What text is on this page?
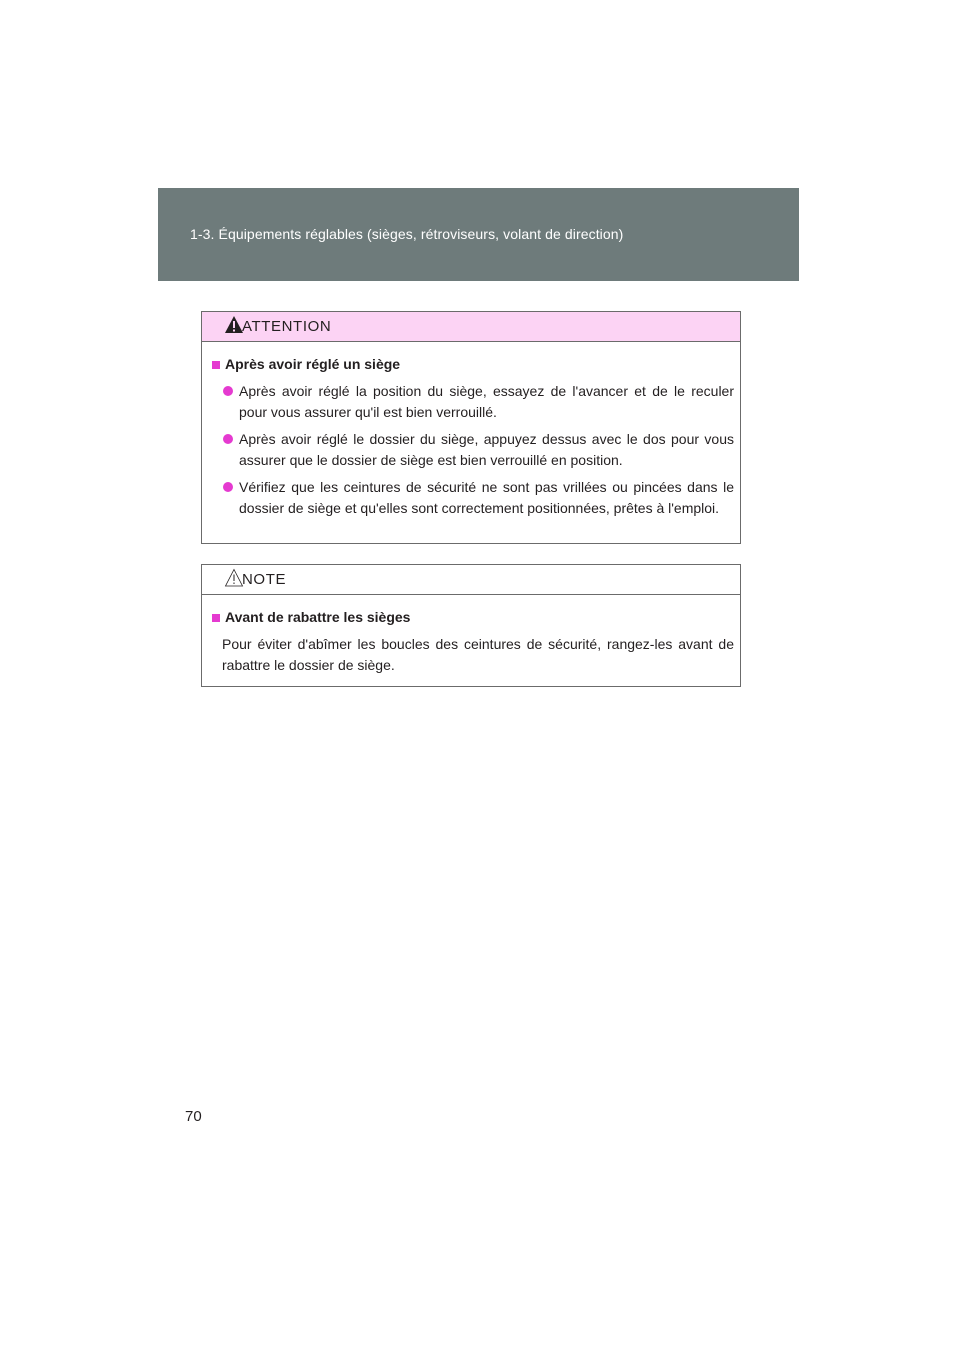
1-3. Équipements réglables (sièges, rétroviseurs, volant de direction)
ATTENTION
Après avoir réglé un siège
Après avoir réglé la position du siège, essayez de l'avancer et de le reculer pour vous assurer qu'il est bien verrouillé.
Après avoir réglé le dossier du siège, appuyez dessus avec le dos pour vous assurer que le dossier de siège est bien verrouillé en position.
Vérifiez que les ceintures de sécurité ne sont pas vrillées ou pincées dans le dossier de siège et qu'elles sont correctement positionnées, prêtes à l'emploi.
NOTE
Avant de rabattre les sièges
Pour éviter d'abîmer les boucles des ceintures de sécurité, rangez-les avant de rabattre le dossier de siège.
70
